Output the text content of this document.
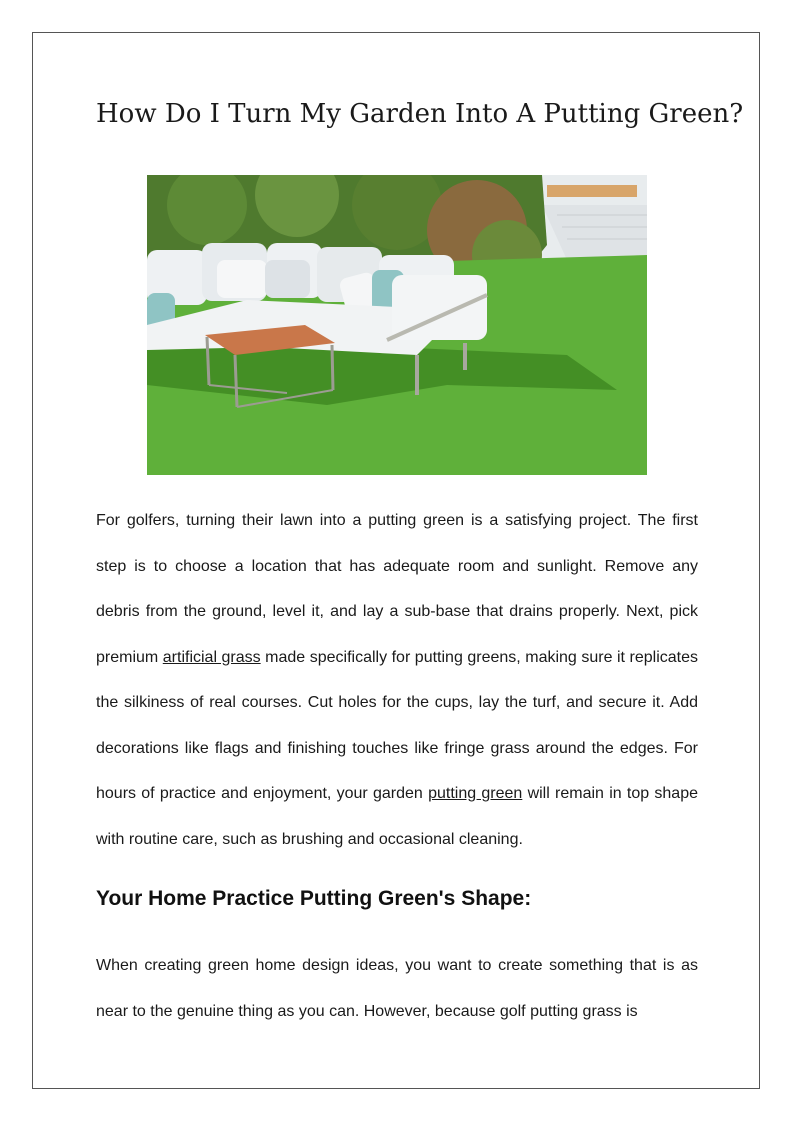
How Do I Turn My Garden Into A Putting Green?

For golfers, turning their lawn into a putting green is a satisfying project. The first step is to choose a location that has adequate room and sunlight. Remove any debris from the ground, level it, and lay a sub-base that drains properly. Next, pick premium artificial grass made specifically for putting greens, making sure it replicates the silkiness of real courses. Cut holes for the cups, lay the turf, and secure it. Add decorations like flags and finishing touches like fringe grass around the edges. For hours of practice and enjoyment, your garden putting green will remain in top shape with routine care, such as brushing and occasional cleaning.

Your Home Practice Putting Green's Shape:

When creating green home design ideas, you want to create something that is as near to the genuine thing as you can. However, because golf putting grass is
